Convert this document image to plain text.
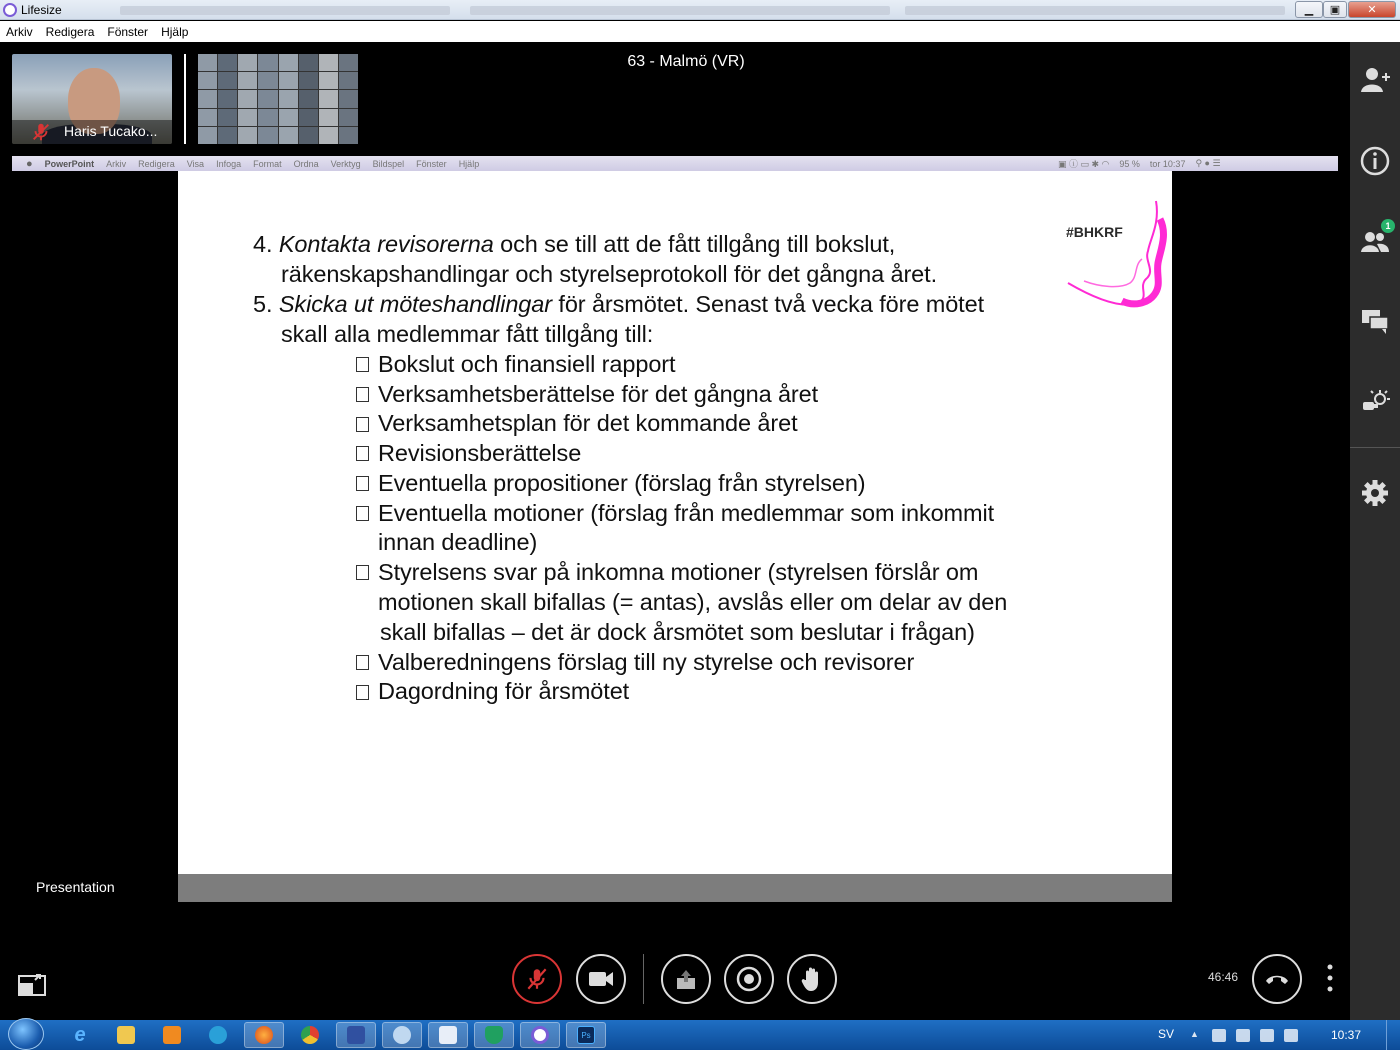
Lifesize	▁	▣	✕
Arkiv Redigera Fönster Hjälp
Haris Tucako...
63 - Malmö (VR)
● PowerPoint Arkiv Redigera Visa Infoga Format Ordna Verktyg Bildspel Fönster Hjälp	▣ ⓘ ▭ ✱ ◠ 95 % tor 10:37 ⚲ ● ☰
#BHKRF
4. Kontakta revisorerna och se till att de fått tillgång till bokslut,
räkenskapshandlingar och styrelseprotokoll för det gångna året.
5. Skicka ut möteshandlingar för årsmötet. Senast två vecka före mötet
skall alla medlemmar fått tillgång till:
Bokslut och finansiell rapport
Verksamhetsberättelse för det gångna året
Verksamhetsplan för det kommande året
Revisionsberättelse
Eventuella propositioner (förslag från styrelsen)
Eventuella motioner (förslag från medlemmar som inkommit
innan deadline)
Styrelsens svar på inkomna motioner (styrelsen förslår om
motionen skall bifallas (= antas), avslås eller om delar av den
skall bifallas – det är dock årsmötet som beslutar i frågan)
Valberedningens förslag till ny styrelse och revisorer
Dagordning för årsmötet
Presentation
1
46:46
e	Ps	SV ▲	10:37
